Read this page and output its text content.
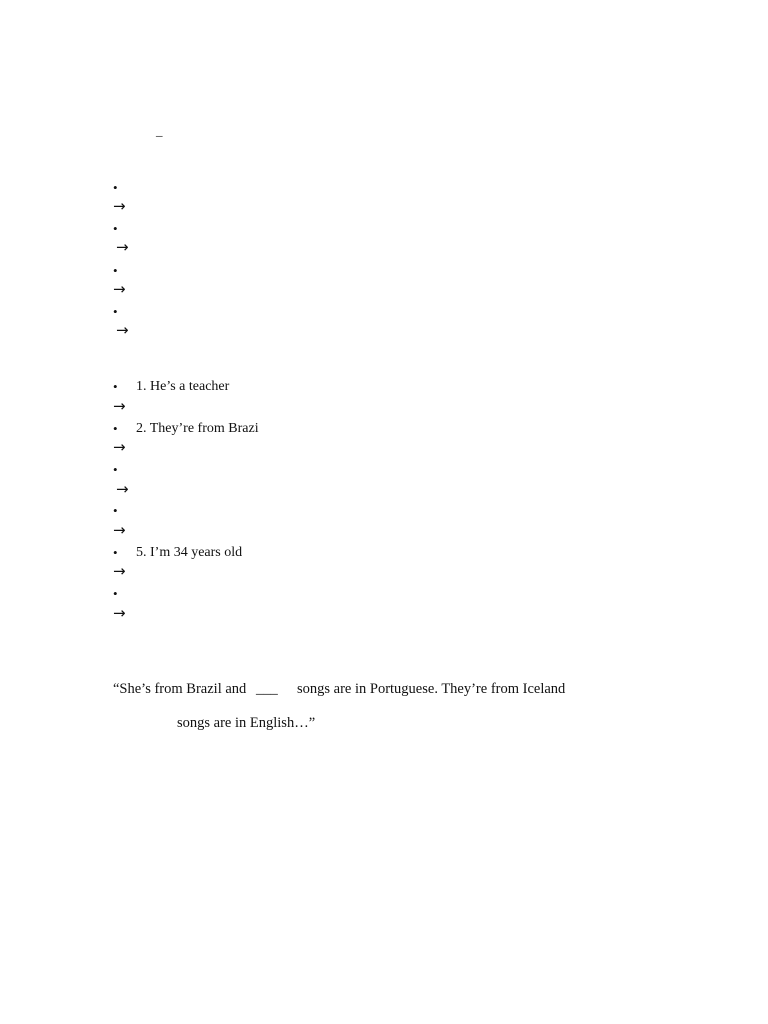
_
•
→
•
→
•
→
•
→
• 1. He’s a teacher
→
• 2. They’re from Brazi
→
•
→
•
→
• 5. I’m 34 years old
→
•
→
“She’s from Brazil and ___ songs are in Portuguese. They’re from Iceland
songs are in English…”
